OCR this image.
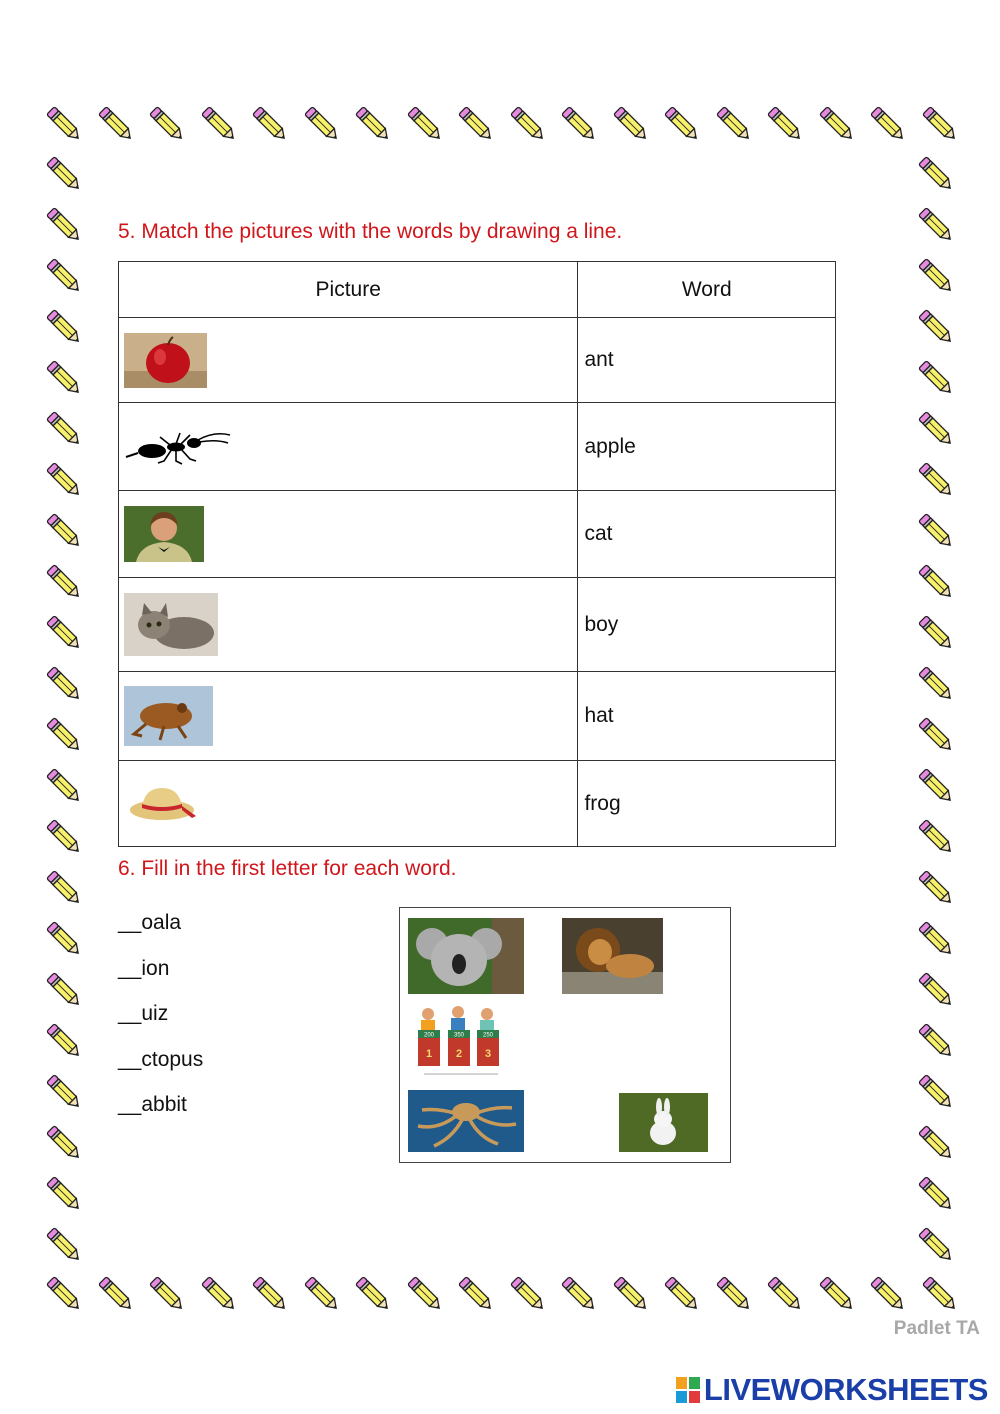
5. Match the pictures with the words by drawing a line.
Picture	Word

	ant

	apple

	cat

	boy

	hat

	frog
6. Fill in the first letter for each word.
__oala
__ion
__uiz
__ctopus
__abbit
200	350	250
1 2 3
Padlet TA
LIVEWORKSHEETS
